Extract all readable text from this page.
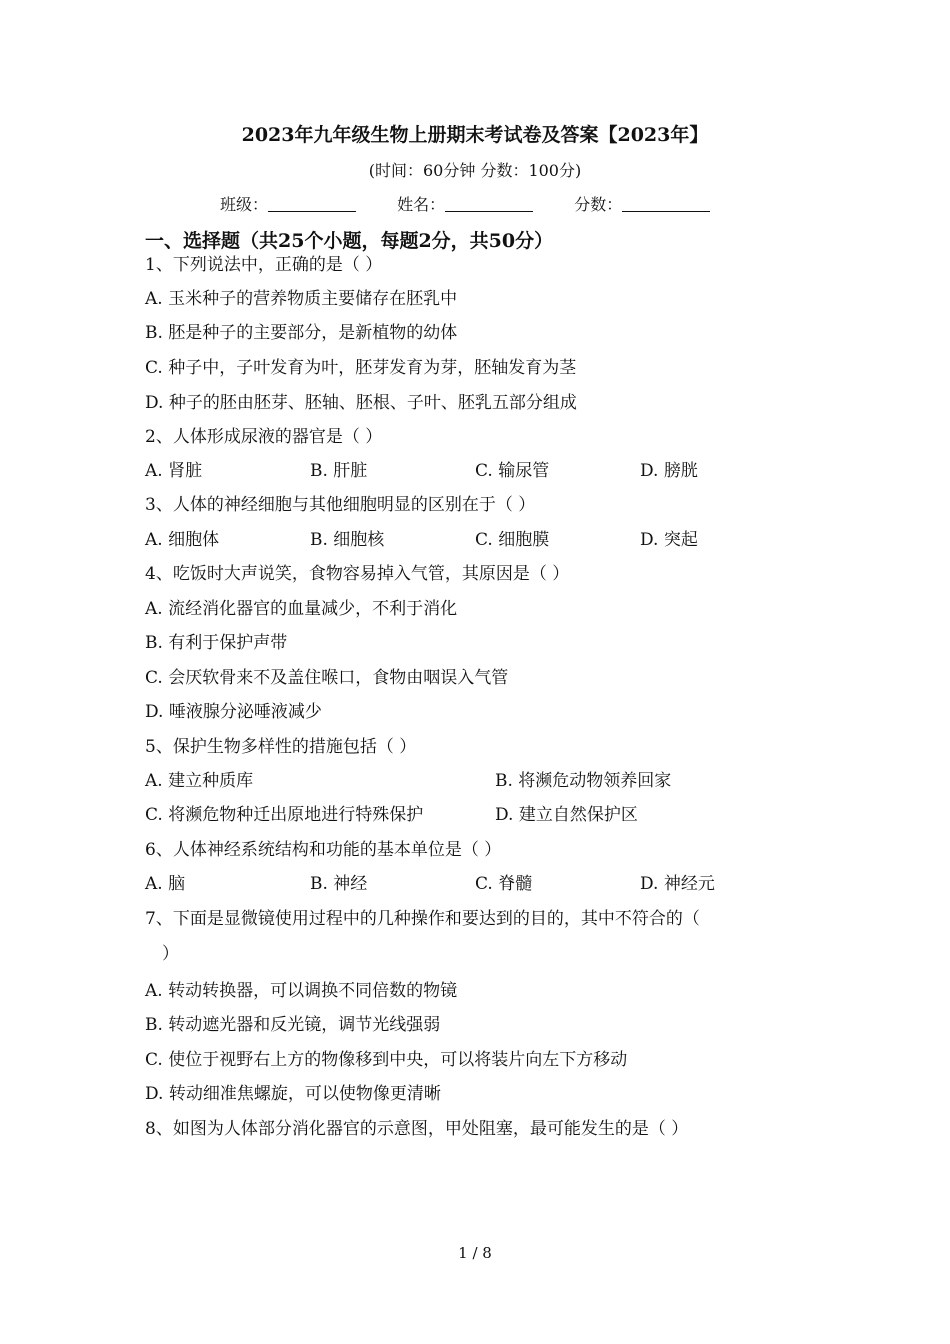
2023年九年级生物上册期末考试卷及答案【2023年】
(时间：60分钟 分数：100分)
班级：	姓名：	分数：
一、选择题（共25个小题，每题2分，共50分）
1、下列说法中，正确的是（ ）
A. 玉米种子的营养物质主要储存在胚乳中
B. 胚是种子的主要部分，是新植物的幼体
C. 种子中，子叶发育为叶，胚芽发育为芽，胚轴发育为茎
D. 种子的胚由胚芽、胚轴、胚根、子叶、胚乳五部分组成
2、人体形成尿液的器官是（ ）
A. 肾脏	B. 肝脏	C. 输尿管	D. 膀胱
3、人体的神经细胞与其他细胞明显的区别在于（ ）
A. 细胞体	B. 细胞核	C. 细胞膜	D. 突起
4、吃饭时大声说笑，食物容易掉入气管，其原因是（ ）
A. 流经消化器官的血量减少，不利于消化
B. 有利于保护声带
C. 会厌软骨来不及盖住喉口，食物由咽误入气管
D. 唾液腺分泌唾液减少
5、保护生物多样性的措施包括（ ）
A. 建立种质库	B. 将濒危动物领养回家
C. 将濒危物种迁出原地进行特殊保护	D. 建立自然保护区
6、人体神经系统结构和功能的基本单位是（ ）
A. 脑	B. 神经	C. 脊髓	D. 神经元
7、下面是显微镜使用过程中的几种操作和要达到的目的，其中不符合的（
）
A. 转动转换器，可以调换不同倍数的物镜
B. 转动遮光器和反光镜，调节光线强弱
C. 使位于视野右上方的物像移到中央，可以将装片向左下方移动
D. 转动细准焦螺旋，可以使物像更清晰
8、如图为人体部分消化器官的示意图，甲处阻塞，最可能发生的是（ ）
1 / 8
